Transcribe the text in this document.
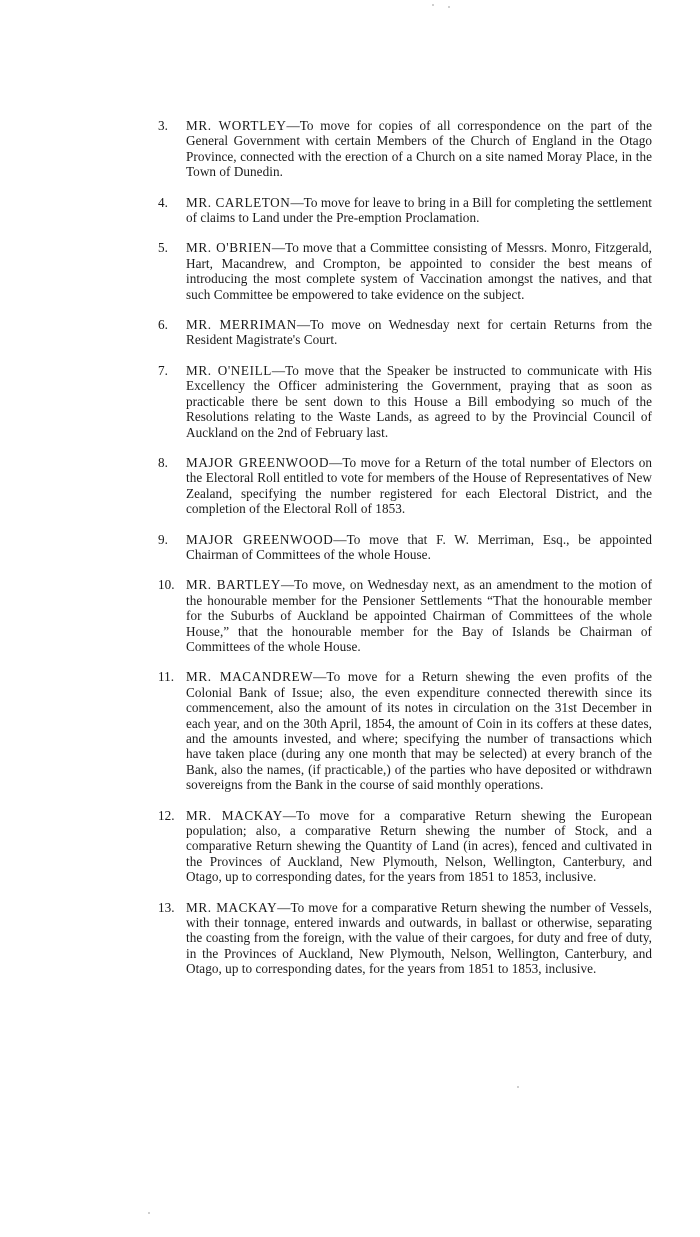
3.	MR. WORTLEY—To move for copies of all correspondence on the part of the General Government with certain Members of the Church of England in the Otago Province, connected with the erection of a Church on a site named Moray Place, in the Town of Dunedin.
4.	MR. CARLETON—To move for leave to bring in a Bill for completing the settlement of claims to Land under the Pre-emption Proclamation.
5.	MR. O'BRIEN—To move that a Committee consisting of Messrs. Monro, Fitzgerald, Hart, Macandrew, and Crompton, be appointed to consider the best means of introducing the most complete system of Vaccination amongst the natives, and that such Committee be empowered to take evidence on the subject.
6.	MR. MERRIMAN—To move on Wednesday next for certain Returns from the Resident Magistrate's Court.
7.	MR. O'NEILL—To move that the Speaker be instructed to communicate with His Excellency the Officer administering the Government, praying that as soon as practicable there be sent down to this House a Bill embodying so much of the Resolutions relating to the Waste Lands, as agreed to by the Provincial Council of Auckland on the 2nd of February last.
8.	MAJOR GREENWOOD—To move for a Return of the total number of Electors on the Electoral Roll entitled to vote for members of the House of Representatives of New Zealand, specifying the number registered for each Electoral District, and the completion of the Electoral Roll of 1853.
9.	MAJOR GREENWOOD—To move that F. W. Merriman, Esq., be appointed Chairman of Committees of the whole House.
10. MR. BARTLEY—To move, on Wednesday next, as an amendment to the motion of the honourable member for the Pensioner Settlements “That the honourable member for the Suburbs of Auckland be appointed Chairman of Committees of the whole House,” that the honourable member for the Bay of Islands be Chairman of Committees of the whole House.
11. MR. MACANDREW—To move for a Return shewing the even profits of the Colonial Bank of Issue; also, the even expenditure connected therewith since its commencement, also the amount of its notes in circulation on the 31st December in each year, and on the 30th April, 1854, the amount of Coin in its coffers at these dates, and the amounts invested, and where; specifying the number of transactions which have taken place (during any one month that may be selected) at every branch of the Bank, also the names, (if practicable,) of the parties who have deposited or withdrawn sovereigns from the Bank in the course of said monthly operations.
12. MR. MACKAY—To move for a comparative Return shewing the European population; also, a comparative Return shewing the number of Stock, and a comparative Return shewing the Quantity of Land (in acres), fenced and cultivated in the Provinces of Auckland, New Plymouth, Nelson, Wellington, Canterbury, and Otago, up to corresponding dates, for the years from 1851 to 1853, inclusive.
13. MR. MACKAY—To move for a comparative Return shewing the number of Vessels, with their tonnage, entered inwards and outwards, in ballast or otherwise, separating the coasting from the foreign, with the value of their cargoes, for duty and free of duty, in the Provinces of Auckland, New Plymouth, Nelson, Wellington, Canterbury, and Otago, up to corresponding dates, for the years from 1851 to 1853, inclusive.
